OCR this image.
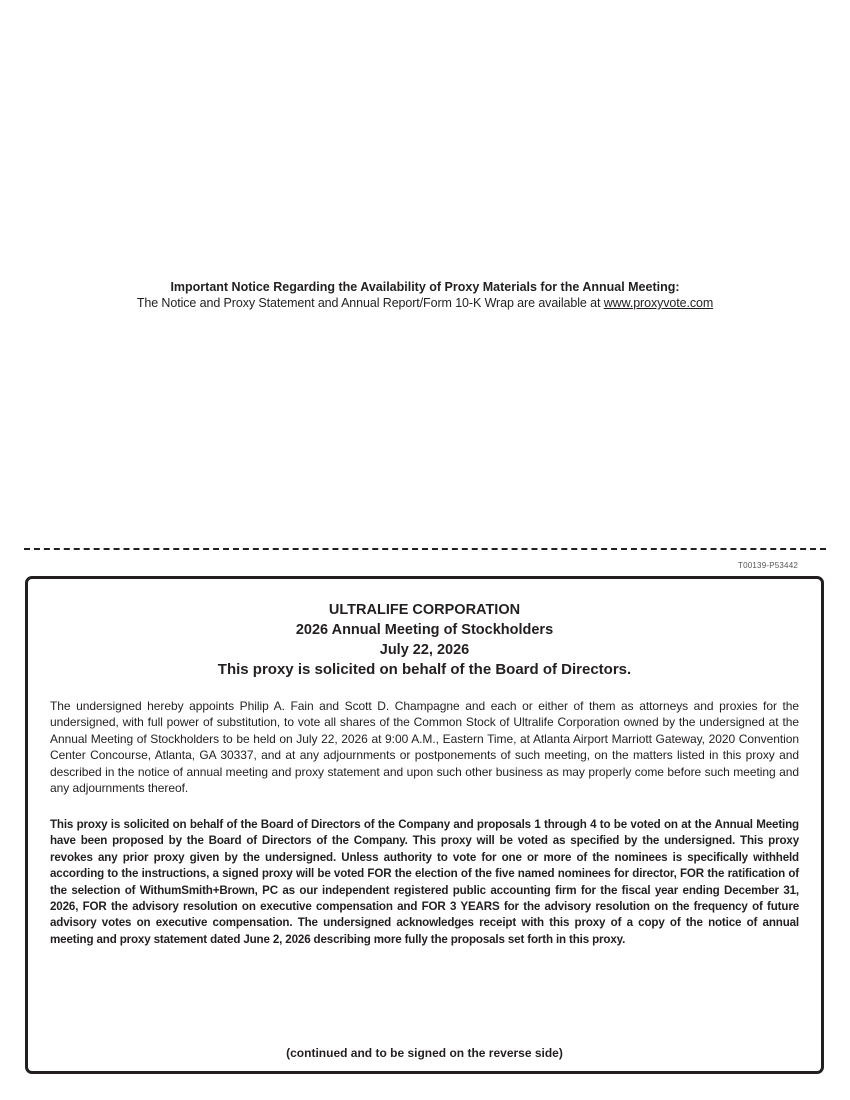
Important Notice Regarding the Availability of Proxy Materials for the Annual Meeting:
The Notice and Proxy Statement and Annual Report/Form 10-K Wrap are available at www.proxyvote.com
T00139-P53442
ULTRALIFE CORPORATION
2026 Annual Meeting of Stockholders
July 22, 2026
This proxy is solicited on behalf of the Board of Directors.
The undersigned hereby appoints Philip A. Fain and Scott D. Champagne and each or either of them as attorneys and proxies for the undersigned, with full power of substitution, to vote all shares of the Common Stock of Ultralife Corporation owned by the undersigned at the Annual Meeting of Stockholders to be held on July 22, 2026 at 9:00 A.M., Eastern Time, at Atlanta Airport Marriott Gateway, 2020 Convention Center Concourse, Atlanta, GA 30337, and at any adjournments or postponements of such meeting, on the matters listed in this proxy and described in the notice of annual meeting and proxy statement and upon such other business as may properly come before such meeting and any adjournments thereof.
This proxy is solicited on behalf of the Board of Directors of the Company and proposals 1 through 4 to be voted on at the Annual Meeting have been proposed by the Board of Directors of the Company. This proxy will be voted as specified by the undersigned. This proxy revokes any prior proxy given by the undersigned. Unless authority to vote for one or more of the nominees is specifically withheld according to the instructions, a signed proxy will be voted FOR the election of the five named nominees for director, FOR the ratification of the selection of WithumSmith+Brown, PC as our independent registered public accounting firm for the fiscal year ending December 31, 2026, FOR the advisory resolution on executive compensation and FOR 3 YEARS for the advisory resolution on the frequency of future advisory votes on executive compensation. The undersigned acknowledges receipt with this proxy of a copy of the notice of annual meeting and proxy statement dated June 2, 2026 describing more fully the proposals set forth in this proxy.
(continued and to be signed on the reverse side)
